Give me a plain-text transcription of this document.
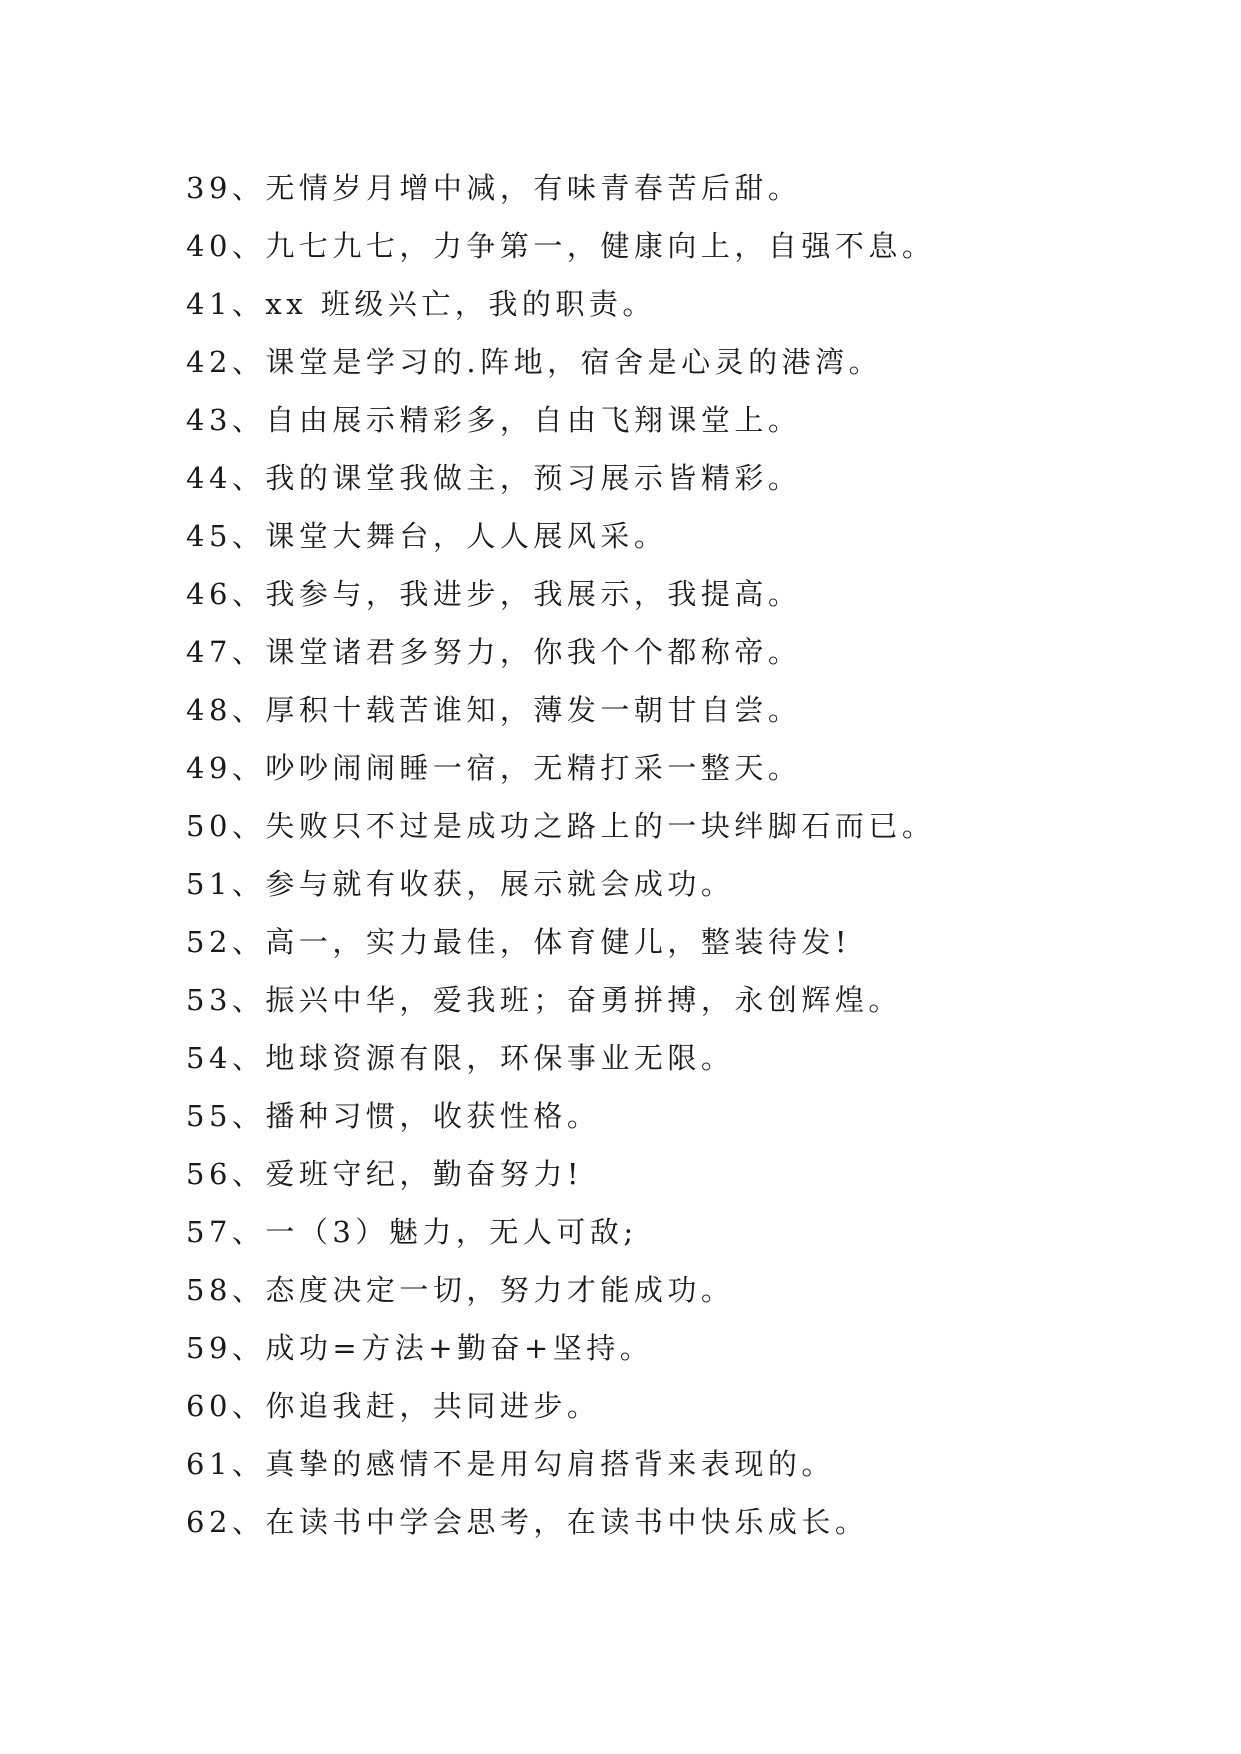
39、无情岁月增中减，有味青春苦后甜。
40、九七九七，力争第一，健康向上，自强不息。
41、xx 班级兴亡，我的职责。
42、课堂是学习的.阵地，宿舍是心灵的港湾。
43、自由展示精彩多，自由飞翔课堂上。
44、我的课堂我做主，预习展示皆精彩。
45、课堂大舞台，人人展风采。
46、我参与，我进步，我展示，我提高。
47、课堂诸君多努力，你我个个都称帝。
48、厚积十载苦谁知，薄发一朝甘自尝。
49、吵吵闹闹睡一宿，无精打采一整天。
50、失败只不过是成功之路上的一块绊脚石而已。
51、参与就有收获，展示就会成功。
52、高一，实力最佳，体育健儿，整装待发!
53、振兴中华，爱我班；奋勇拼搏，永创辉煌。
54、地球资源有限，环保事业无限。
55、播种习惯，收获性格。
56、爱班守纪，勤奋努力!
57、一（3）魅力，无人可敌;
58、态度决定一切，努力才能成功。
59、成功=方法+勤奋+坚持。
60、你追我赶，共同进步。
61、真挚的感情不是用勾肩搭背来表现的。
62、在读书中学会思考，在读书中快乐成长。
